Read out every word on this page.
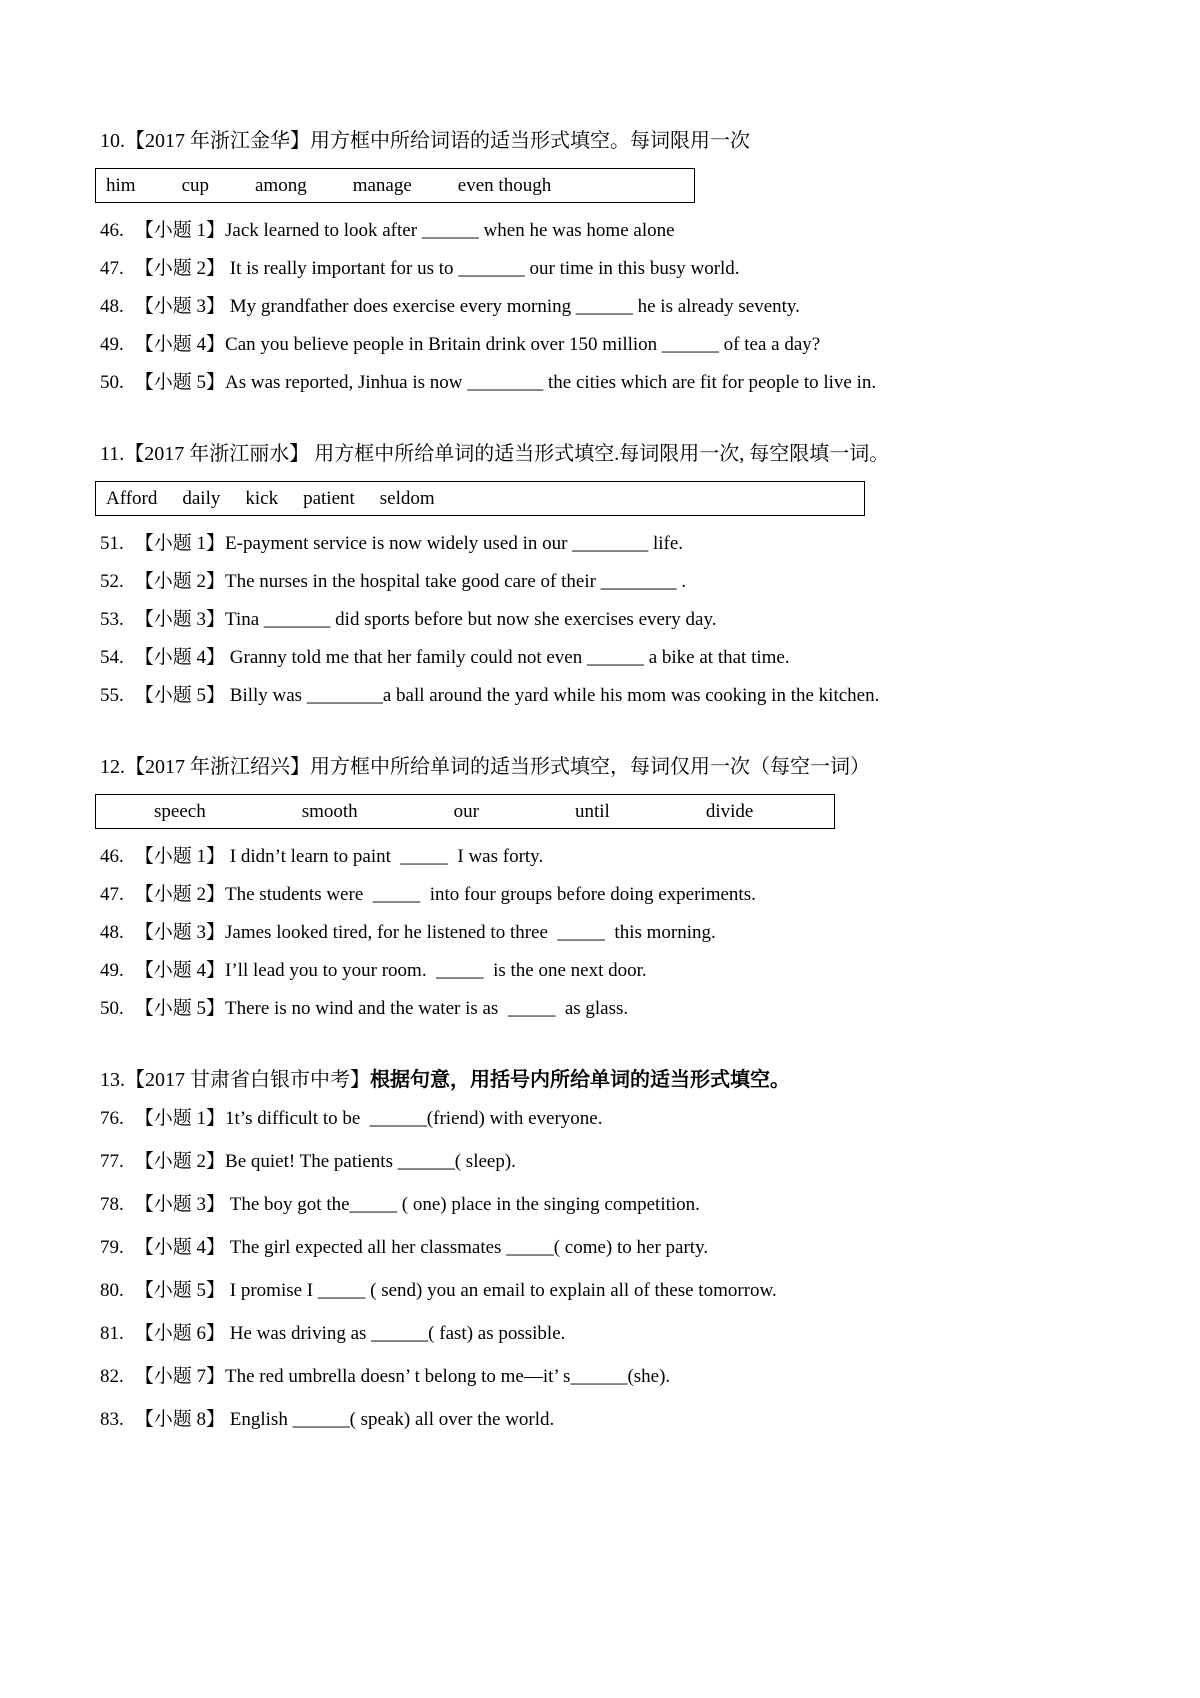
10.【2017 年浙江金华】用方框中所给词语的适当形式填空。每词限用一次
him cup among manage even though
46. 【小题 1】Jack learned to look after ______ when he was home alone
47. 【小题 2】 It is really important for us to _______ our time in this busy world.
48. 【小题 3】 My grandfather does exercise every morning ______ he is already seventy.
49. 【小题 4】Can you believe people in Britain drink over 150 million ______ of tea a day?
50. 【小题 5】As was reported, Jinhua is now ________ the cities which are fit for people to live in.
11.【2017 年浙江丽水】 用方框中所给单词的适当形式填空.每词限用一次, 每空限填一词。
Afford daily kick patient seldom
51. 【小题 1】E-payment service is now widely used in our ________ life.
52. 【小题 2】The nurses in the hospital take good care of their ________ .
53. 【小题 3】Tina _______ did sports before but now she exercises every day.
54. 【小题 4】 Granny told me that her family could not even ______ a bike at that time.
55. 【小题 5】 Billy was ________a ball around the yard while his mom was cooking in the kitchen.
12.【2017 年浙江绍兴】用方框中所给单词的适当形式填空，每词仅用一次（每空一词）
speech	smooth	our	until	divide
46. 【小题 1】 I didn’t learn to paint  _____  I was forty.
47. 【小题 2】The students were  _____  into four groups before doing experiments.
48. 【小题 3】James looked tired, for he listened to three  _____  this morning.
49. 【小题 4】I’ll lead you to your room.  _____  is the one next door.
50. 【小题 5】There is no wind and the water is as  _____  as glass.
13.【2017 甘肃省白银市中考】根据句意，用括号内所给单词的适当形式填空。
76. 【小题 1】1t’s difficult to be  ______(friend) with everyone.
77. 【小题 2】Be quiet! The patients ______( sleep).
78. 【小题 3】 The boy got the_____ ( one) place in the singing competition.
79. 【小题 4】 The girl expected all her classmates _____( come) to her party.
80. 【小题 5】 I promise I _____ ( send) you an email to explain all of these tomorrow.
81. 【小题 6】 He was driving as ______( fast) as possible.
82. 【小题 7】The red umbrella doesn’ t belong to me—it’ s______(she).
83. 【小题 8】 English ______( speak) all over the world.
